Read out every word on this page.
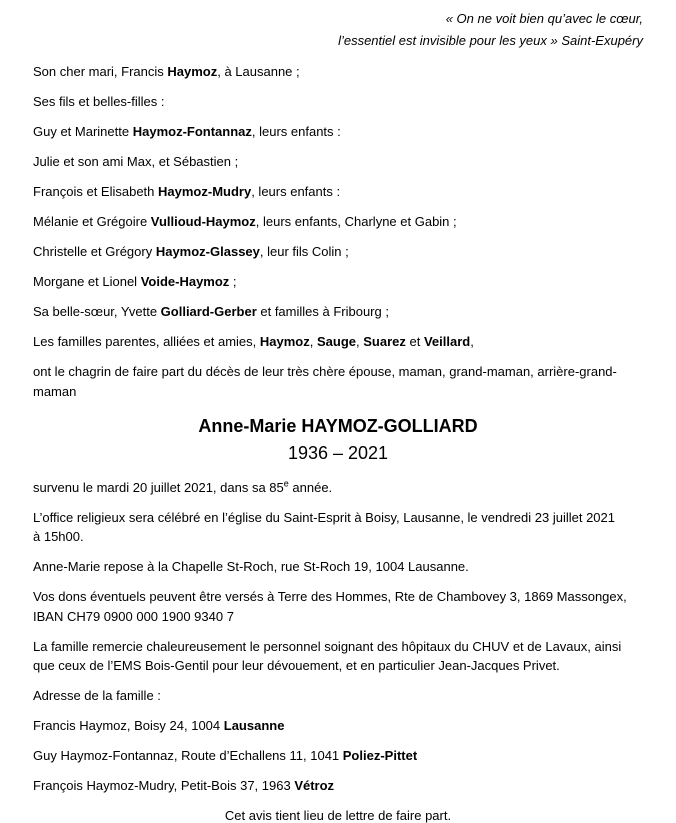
« On ne voit bien qu’avec le cœur,
l’essentiel est invisible pour les yeux » Saint-Exupéry

Son cher mari, Francis Haymoz, à Lausanne ;

Ses fils et belles-filles :

Guy et Marinette Haymoz-Fontannaz, leurs enfants :

Julie et son ami Max, et Sébastien ;

François et Elisabeth Haymoz-Mudry, leurs enfants :

Mélanie et Grégoire Vullioud-Haymoz, leurs enfants, Charlyne et Gabin ;

Christelle et Grégory Haymoz-Glassey, leur fils Colin ;

Morgane et Lionel Voide-Haymoz ;

Sa belle-sœur, Yvette Golliard-Gerber et familles à Fribourg ;

Les familles parentes, alliées et amies, Haymoz, Sauge, Suarez et Veillard,

ont le chagrin de faire part du décès de leur très chère épouse, maman, grand-maman, arrière-grand-
maman

Anne-Marie HAYMOZ-GOLLIARD

1936 – 2021

survenu le mardi 20 juillet 2021, dans sa 85e année.

L’office religieux sera célébré en l’église du Saint-Esprit à Boisy, Lausanne, le vendredi 23 juillet 2021
à 15h00.

Anne-Marie repose à la Chapelle St-Roch, rue St-Roch 19, 1004 Lausanne.

Vos dons éventuels peuvent être versés à Terre des Hommes, Rte de Chambovey 3, 1869 Massongex,
IBAN CH79 0900 000 1900 9340 7

La famille remercie chaleureusement le personnel soignant des hôpitaux du CHUV et de Lavaux, ainsi
que ceux de l’EMS Bois-Gentil pour leur dévouement, et en particulier Jean-Jacques Privet.

Adresse de la famille :

Francis Haymoz, Boisy 24, 1004 Lausanne

Guy Haymoz-Fontannaz, Route d’Echallens 11, 1041 Poliez-Pittet

François Haymoz-Mudry, Petit-Bois 37, 1963 Vétroz

Cet avis tient lieu de lettre de faire part.
